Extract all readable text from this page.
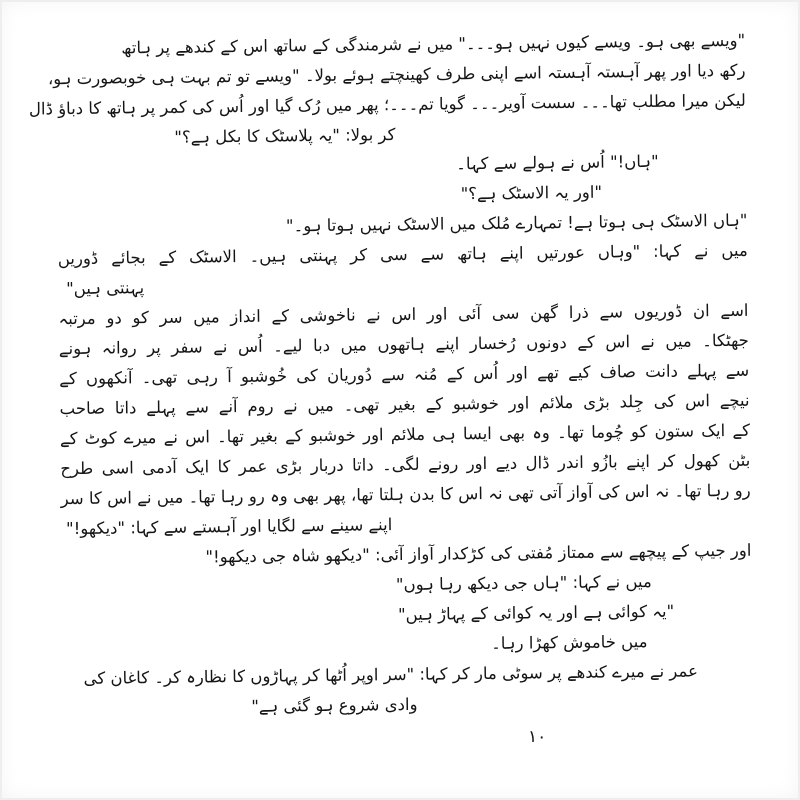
"ویسے بھی ہو۔ ویسے کیوں نہیں ہو۔۔۔" میں نے شرمندگی کے ساتھ اس کے کندھے پر ہاتھ
رکھ دیا اور پھر آہستہ آہستہ اسے اپنی طرف کھینچتے ہوئے بولا۔ "ویسے تو تم بہت ہی خوبصورت ہو،
لیکن میرا مطلب تھا۔۔۔ سست آویر۔۔۔ گویا تم۔۔۔؛ پھر میں رُک گیا اور اُس کی کمر پر ہاتھ کا دباؤ ڈال
کر بولا: "یہ پلاسٹک کا بکل ہے؟"
"ہاں!" اُس نے ہولے سے کہا۔
"اور یہ الاسٹک ہے؟"
"ہاں الاسٹک ہی ہوتا ہے! تمہارے مُلک میں الاسٹک نہیں ہوتا ہو۔"
میں نے کہا: "وہاں عورتیں اپنے ہاتھ سے سی کر پہنتی ہیں۔ الاسٹک کے بجائے ڈوریں
پہنتی ہیں"
اسے ان ڈوریوں سے ذرا گھن سی آئی اور اس نے ناخوشی کے انداز میں سر کو دو مرتبہ
جھٹکا۔ میں نے اس کے دونوں رُخسار اپنے ہاتھوں میں دبا لیے۔ اُس نے سفر پر روانہ ہونے
سے پہلے دانت صاف کیے تھے اور اُس کے مُنہ سے دُوریان کی خُوشبو آ رہی تھی۔ آنکھوں کے
نیچے اس کی جِلد بڑی ملائم اور خوشبو کے بغیر تھی۔ میں نے روم آنے سے پہلے داتا صاحب
کے ایک ستون کو چُوما تھا۔ وہ بھی ایسا ہی ملائم اور خوشبو کے بغیر تھا۔ اس نے میرے کوٹ کے
بٹن کھول کر اپنے بازُو اندر ڈال دیے اور رونے لگی۔ داتا دربار بڑی عمر کا ایک آدمی اسی طرح
رو رہا تھا۔ نہ اس کی آواز آتی تھی نہ اس کا بدن ہلتا تھا، پھر بھی وہ رو رہا تھا۔ میں نے اس کا سر
اپنے سینے سے لگایا اور آہستے سے کہا: "دیکھو!"
اور جیپ کے پیچھے سے ممتاز مُفتی کی کڑکدار آواز آئی: "دیکھو شاہ جی دیکھو!"
میں نے کہا: "ہاں جی دیکھ رہا ہوں"
"یہ کوائی ہے اور یہ کوائی کے پہاڑ ہیں"
میں خاموش کھڑا رہا۔
عمر نے میرے کندھے پر سوٹی مار کر کہا: "سر اوپر اُٹھا کر پہاڑوں کا نظارہ کر۔ کاغان کی
وادی شروع ہو گئی ہے"
۱۰
